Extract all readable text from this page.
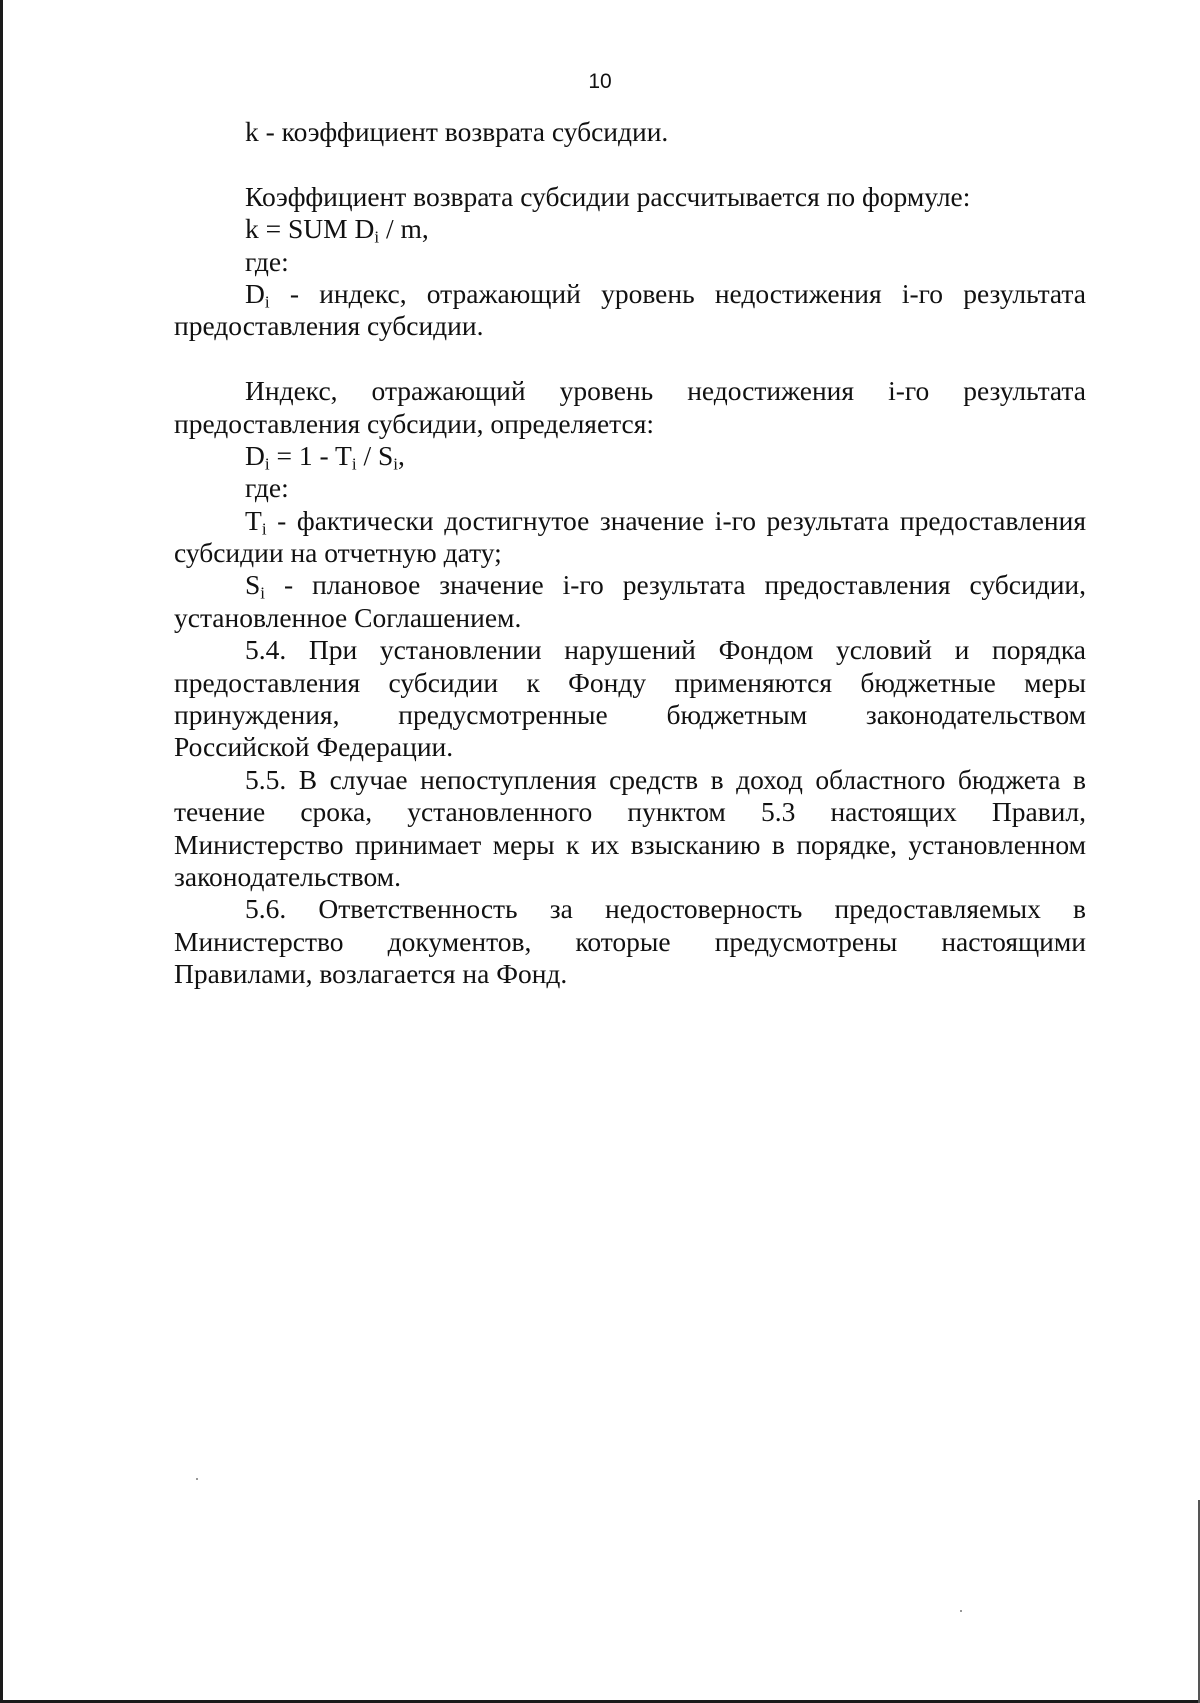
10
k - коэффициент возврата субсидии.
Коэффициент возврата субсидии рассчитывается по формуле:
k = SUM $D_i$ / m,
где:
$D_i$ - индекс, отражающий уровень недостижения i-го результата
предоставления субсидии.
Индекс, отражающий уровень недостижения i-го результата
предоставления субсидии, определяется:
$D_i = 1 - T_i / S_i$,
где:
$T_i$ - фактически достигнутое значение i-го результата предоставления
субсидии на отчетную дату;
$S_i$ - плановое значение i-го результата предоставления субсидии,
установленное Соглашением.
5.4. При установлении нарушений Фондом условий и порядка
предоставления субсидии к Фонду применяются бюджетные меры
принуждения, предусмотренные бюджетным законодательством
Российской Федерации.
5.5. В случае непоступления средств в доход областного бюджета в
течение срока, установленного пунктом 5.3 настоящих Правил,
Министерство принимает меры к их взысканию в порядке, установленном
законодательством.
5.6. Ответственность за недостоверность предоставляемых в
Министерство документов, которые предусмотрены настоящими
Правилами, возлагается на Фонд.
